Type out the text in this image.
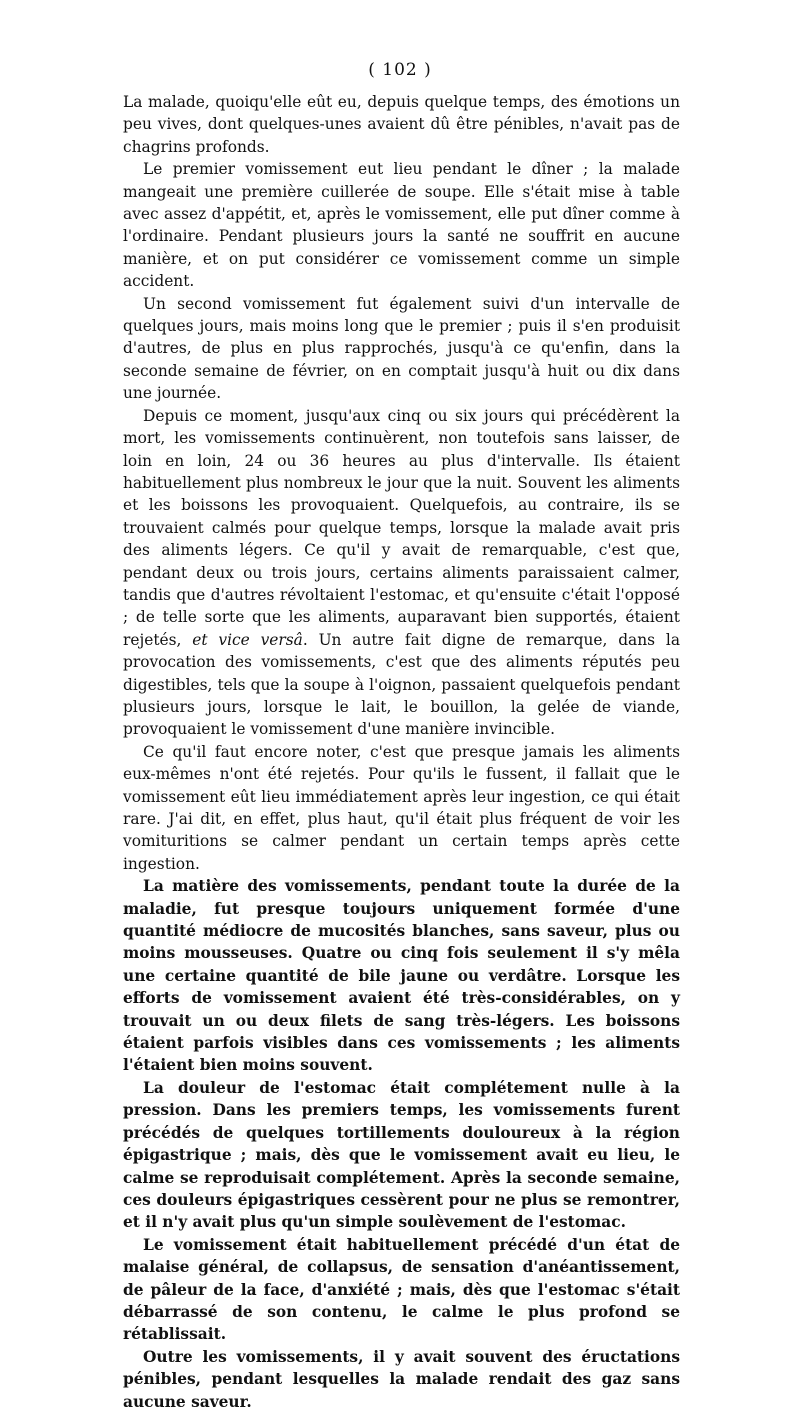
( 102 )

La malade, quoiqu'elle eût eu, depuis quelque temps, des émotions un peu vives, dont quelques-unes avaient dû être pénibles, n'avait pas de chagrins profonds.

Le premier vomissement eut lieu pendant le dîner ; la malade mangeait une première cuillerée de soupe. Elle s'était mise à table avec assez d'appétit, et, après le vomissement, elle put dîner comme à l'ordinaire. Pendant plusieurs jours la santé ne souffrit en aucune manière, et on put considérer ce vomissement comme un simple accident.

Un second vomissement fut également suivi d'un intervalle de quelques jours, mais moins long que le premier ; puis il s'en produisit d'autres, de plus en plus rapprochés, jusqu'à ce qu'enfin, dans la seconde semaine de février, on en comptait jusqu'à huit ou dix dans une journée.

Depuis ce moment, jusqu'aux cinq ou six jours qui précédèrent la mort, les vomissements continuèrent, non toutefois sans laisser, de loin en loin, 24 ou 36 heures au plus d'intervalle. Ils étaient habituellement plus nombreux le jour que la nuit. Souvent les aliments et les boissons les provoquaient. Quelquefois, au contraire, ils se trouvaient calmés pour quelque temps, lorsque la malade avait pris des aliments légers. Ce qu'il y avait de remarquable, c'est que, pendant deux ou trois jours, certains aliments paraissaient calmer, tandis que d'autres révoltaient l'estomac, et qu'ensuite c'était l'opposé ; de telle sorte que les aliments, auparavant bien supportés, étaient rejetés, et vice versâ. Un autre fait digne de remarque, dans la provocation des vomissements, c'est que des aliments réputés peu digestibles, tels que la soupe à l'oignon, passaient quelquefois pendant plusieurs jours, lorsque le lait, le bouillon, la gelée de viande, provoquaient le vomissement d'une manière invincible.

Ce qu'il faut encore noter, c'est que presque jamais les aliments eux-mêmes n'ont été rejetés. Pour qu'ils le fussent, il fallait que le vomissement eût lieu immédiatement après leur ingestion, ce qui était rare. J'ai dit, en effet, plus haut, qu'il était plus fréquent de voir les vomituritions se calmer pendant un certain temps après cette ingestion.

La matière des vomissements, pendant toute la durée de la maladie, fut presque toujours uniquement formée d'une quantité médiocre de mucosités blanches, sans saveur, plus ou moins mousseuses. Quatre ou cinq fois seulement il s'y mêla une certaine quantité de bile jaune ou verdâtre. Lorsque les efforts de vomissement avaient été très-considérables, on y trouvait un ou deux filets de sang très-légers. Les boissons étaient parfois visibles dans ces vomissements ; les aliments l'étaient bien moins souvent.

La douleur de l'estomac était complétement nulle à la pression. Dans les premiers temps, les vomissements furent précédés de quelques tortillements douloureux à la région épigastrique ; mais, dès que le vomissement avait eu lieu, le calme se reproduisait complétement. Après la seconde semaine, ces douleurs épigastriques cessèrent pour ne plus se remontrer, et il n'y avait plus qu'un simple soulèvement de l'estomac.

Le vomissement était habituellement précédé d'un état de malaise général, de collapsus, de sensation d'anéantissement, de pâleur de la face, d'anxiété ; mais, dès que l'estomac s'était débarrassé de son contenu, le calme le plus profond se rétablissait.

Outre les vomissements, il y avait souvent des éructations pénibles, pendant lesquelles la malade rendait des gaz sans aucune saveur.
